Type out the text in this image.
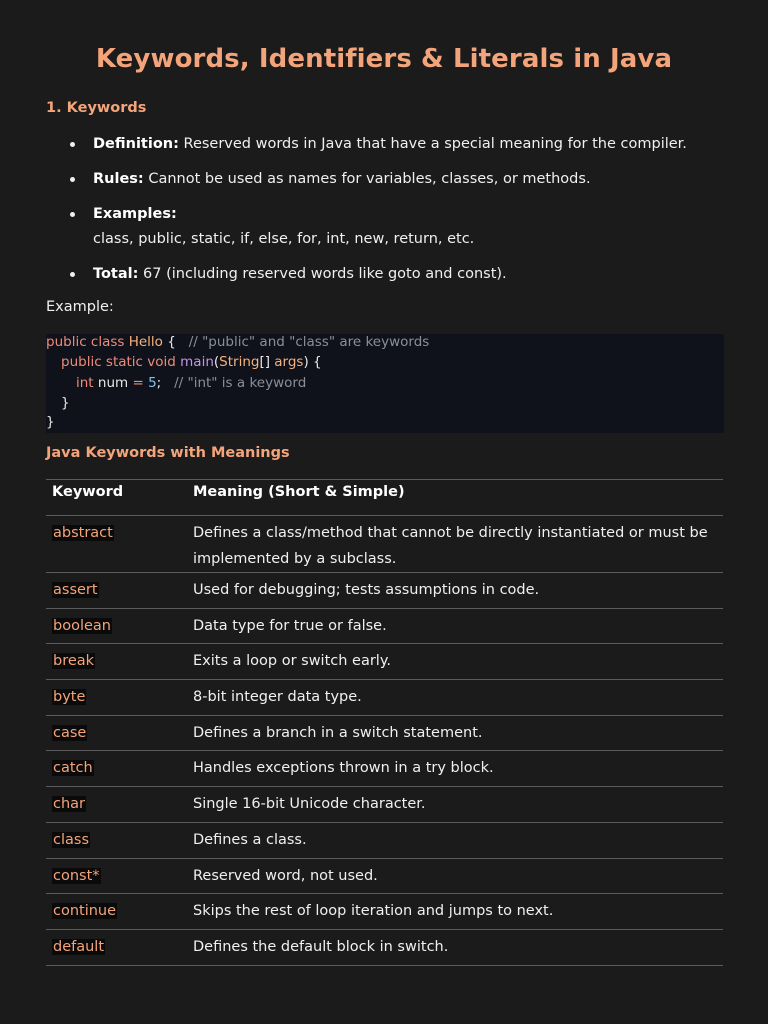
Keywords, Identifiers & Literals in Java
1. Keywords
Definition: Reserved words in Java that have a special meaning for the compiler.
Rules: Cannot be used as names for variables, classes, or methods.
Examples:
class, public, static, if, else, for, int, new, return, etc.
Total: 67 (including reserved words like goto and const).
Example:
public class Hello {   // "public" and "class" are keywords
public static void main(String[] args) {
int num = 5;   // "int" is a keyword
}
}
Java Keywords with Meanings
Keyword	Meaning (Short & Simple)
abstract	Defines a class/method that cannot be directly instantiated or must be implemented by a subclass.
assert	Used for debugging; tests assumptions in code.
boolean	Data type for true or false.
break	Exits a loop or switch early.
byte	8-bit integer data type.
case	Defines a branch in a switch statement.
catch	Handles exceptions thrown in a try block.
char	Single 16-bit Unicode character.
class	Defines a class.
const*	Reserved word, not used.
continue	Skips the rest of loop iteration and jumps to next.
default	Defines the default block in switch.
